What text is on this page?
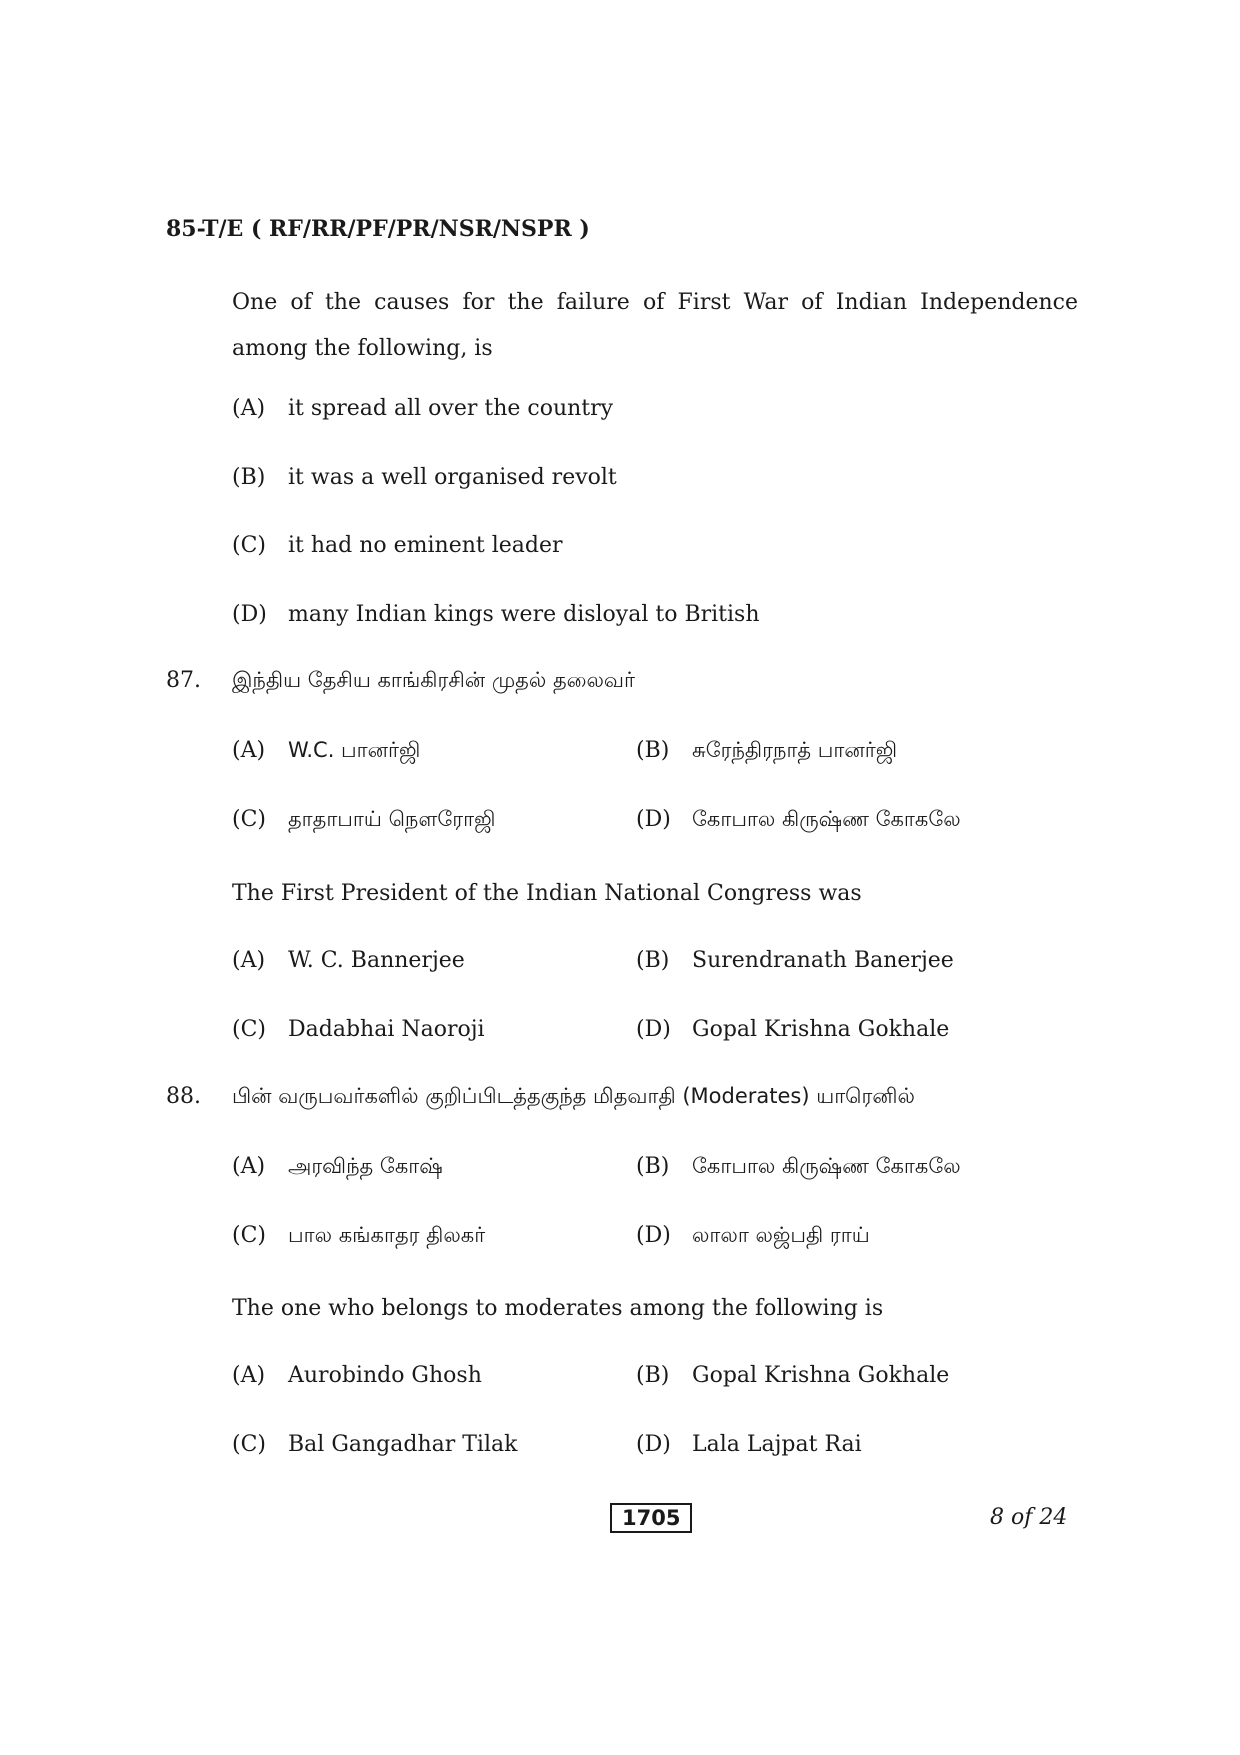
85-T/E ( RF/RR/PF/PR/NSR/NSPR )
One of the causes for the failure of First War of Indian Independence among the following, is
(A) it spread all over the country
(B) it was a well organised revolt
(C) it had no eminent leader
(D) many Indian kings were disloyal to British
87. இந்திய தேசிய காங்கிரசின் முதல் தலைவர்
(A) W.C. பானர்ஜி	(B) சுரேந்திரநாத் பானர்ஜி
(C) தாதாபாய் நௌரோஜி	(D) கோபால கிருஷ்ண கோகலே
The First President of the Indian National Congress was
(A) W. C. Bannerjee	(B) Surendranath Banerjee
(C) Dadabhai Naoroji	(D) Gopal Krishna Gokhale
88. பின் வருபவர்களில் குறிப்பிடத்தகுந்த மிதவாதி (Moderates) யாரெனில்
(A) அரவிந்த கோஷ்	(B) கோபால கிருஷ்ண கோகலே
(C) பால கங்காதர திலகர்	(D) லாலா லஜ்பதி ராய்
The one who belongs to moderates among the following is
(A) Aurobindo Ghosh	(B) Gopal Krishna Gokhale
(C) Bal Gangadhar Tilak	(D) Lala Lajpat Rai
1705	8 of 24
